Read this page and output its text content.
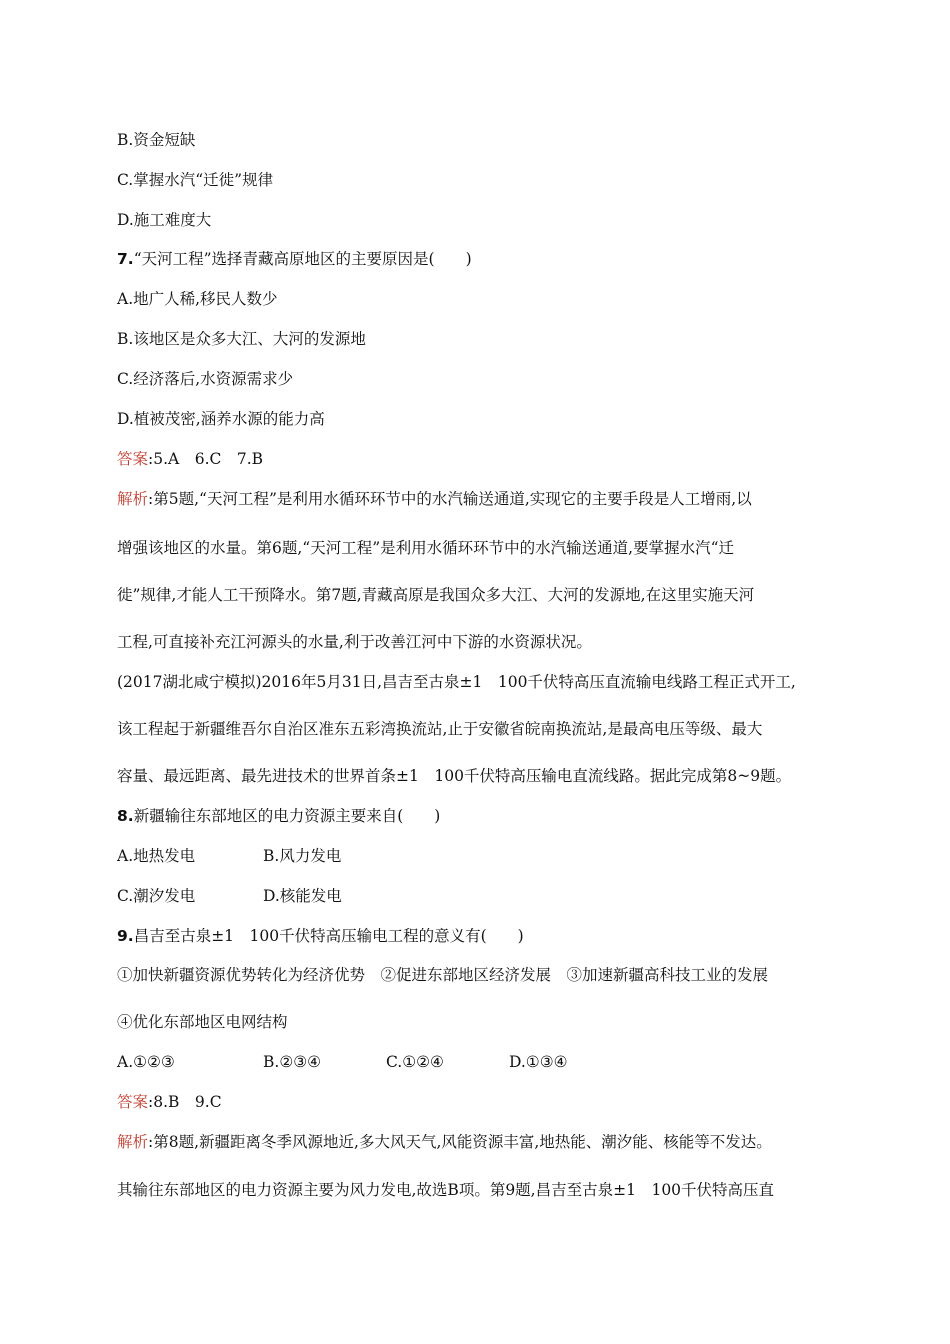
B.资金短缺
C.掌握水汽“迁徙”规律
D.施工难度大
7.“天河工程”选择青藏高原地区的主要原因是(　　)
A.地广人稀,移民人数少
B.该地区是众多大江、大河的发源地
C.经济落后,水资源需求少
D.植被茂密,涵养水源的能力高
答案:5.A　6.C　7.B
解析:第5题,“天河工程”是利用水循环环节中的水汽输送通道,实现它的主要手段是人工增雨,以
增强该地区的水量。第6题,“天河工程”是利用水循环环节中的水汽输送通道,要掌握水汽“迁
徙”规律,才能人工干预降水。第7题,青藏高原是我国众多大江、大河的发源地,在这里实施天河
工程,可直接补充江河源头的水量,利于改善江河中下游的水资源状况。
(2017湖北咸宁模拟)2016年5月31日,昌吉至古泉±1　100千伏特高压直流输电线路工程正式开工,
该工程起于新疆维吾尔自治区准东五彩湾换流站,止于安徽省皖南换流站,是最高电压等级、最大
容量、最远距离、最先进技术的世界首条±1　100千伏特高压输电直流线路。据此完成第8~9题。
8.新疆输往东部地区的电力资源主要来自(　　)
A.地热发电	B.风力发电
C.潮汐发电	D.核能发电
9.昌吉至古泉±1　100千伏特高压输电工程的意义有(　　)
①加快新疆资源优势转化为经济优势　②促进东部地区经济发展　③加速新疆高科技工业的发展
④优化东部地区电网结构
A.①②③	B.②③④	C.①②④	D.①③④
答案:8.B　9.C
解析:第8题,新疆距离冬季风源地近,多大风天气,风能资源丰富,地热能、潮汐能、核能等不发达。
其输往东部地区的电力资源主要为风力发电,故选B项。第9题,昌吉至古泉±1　100千伏特高压直
